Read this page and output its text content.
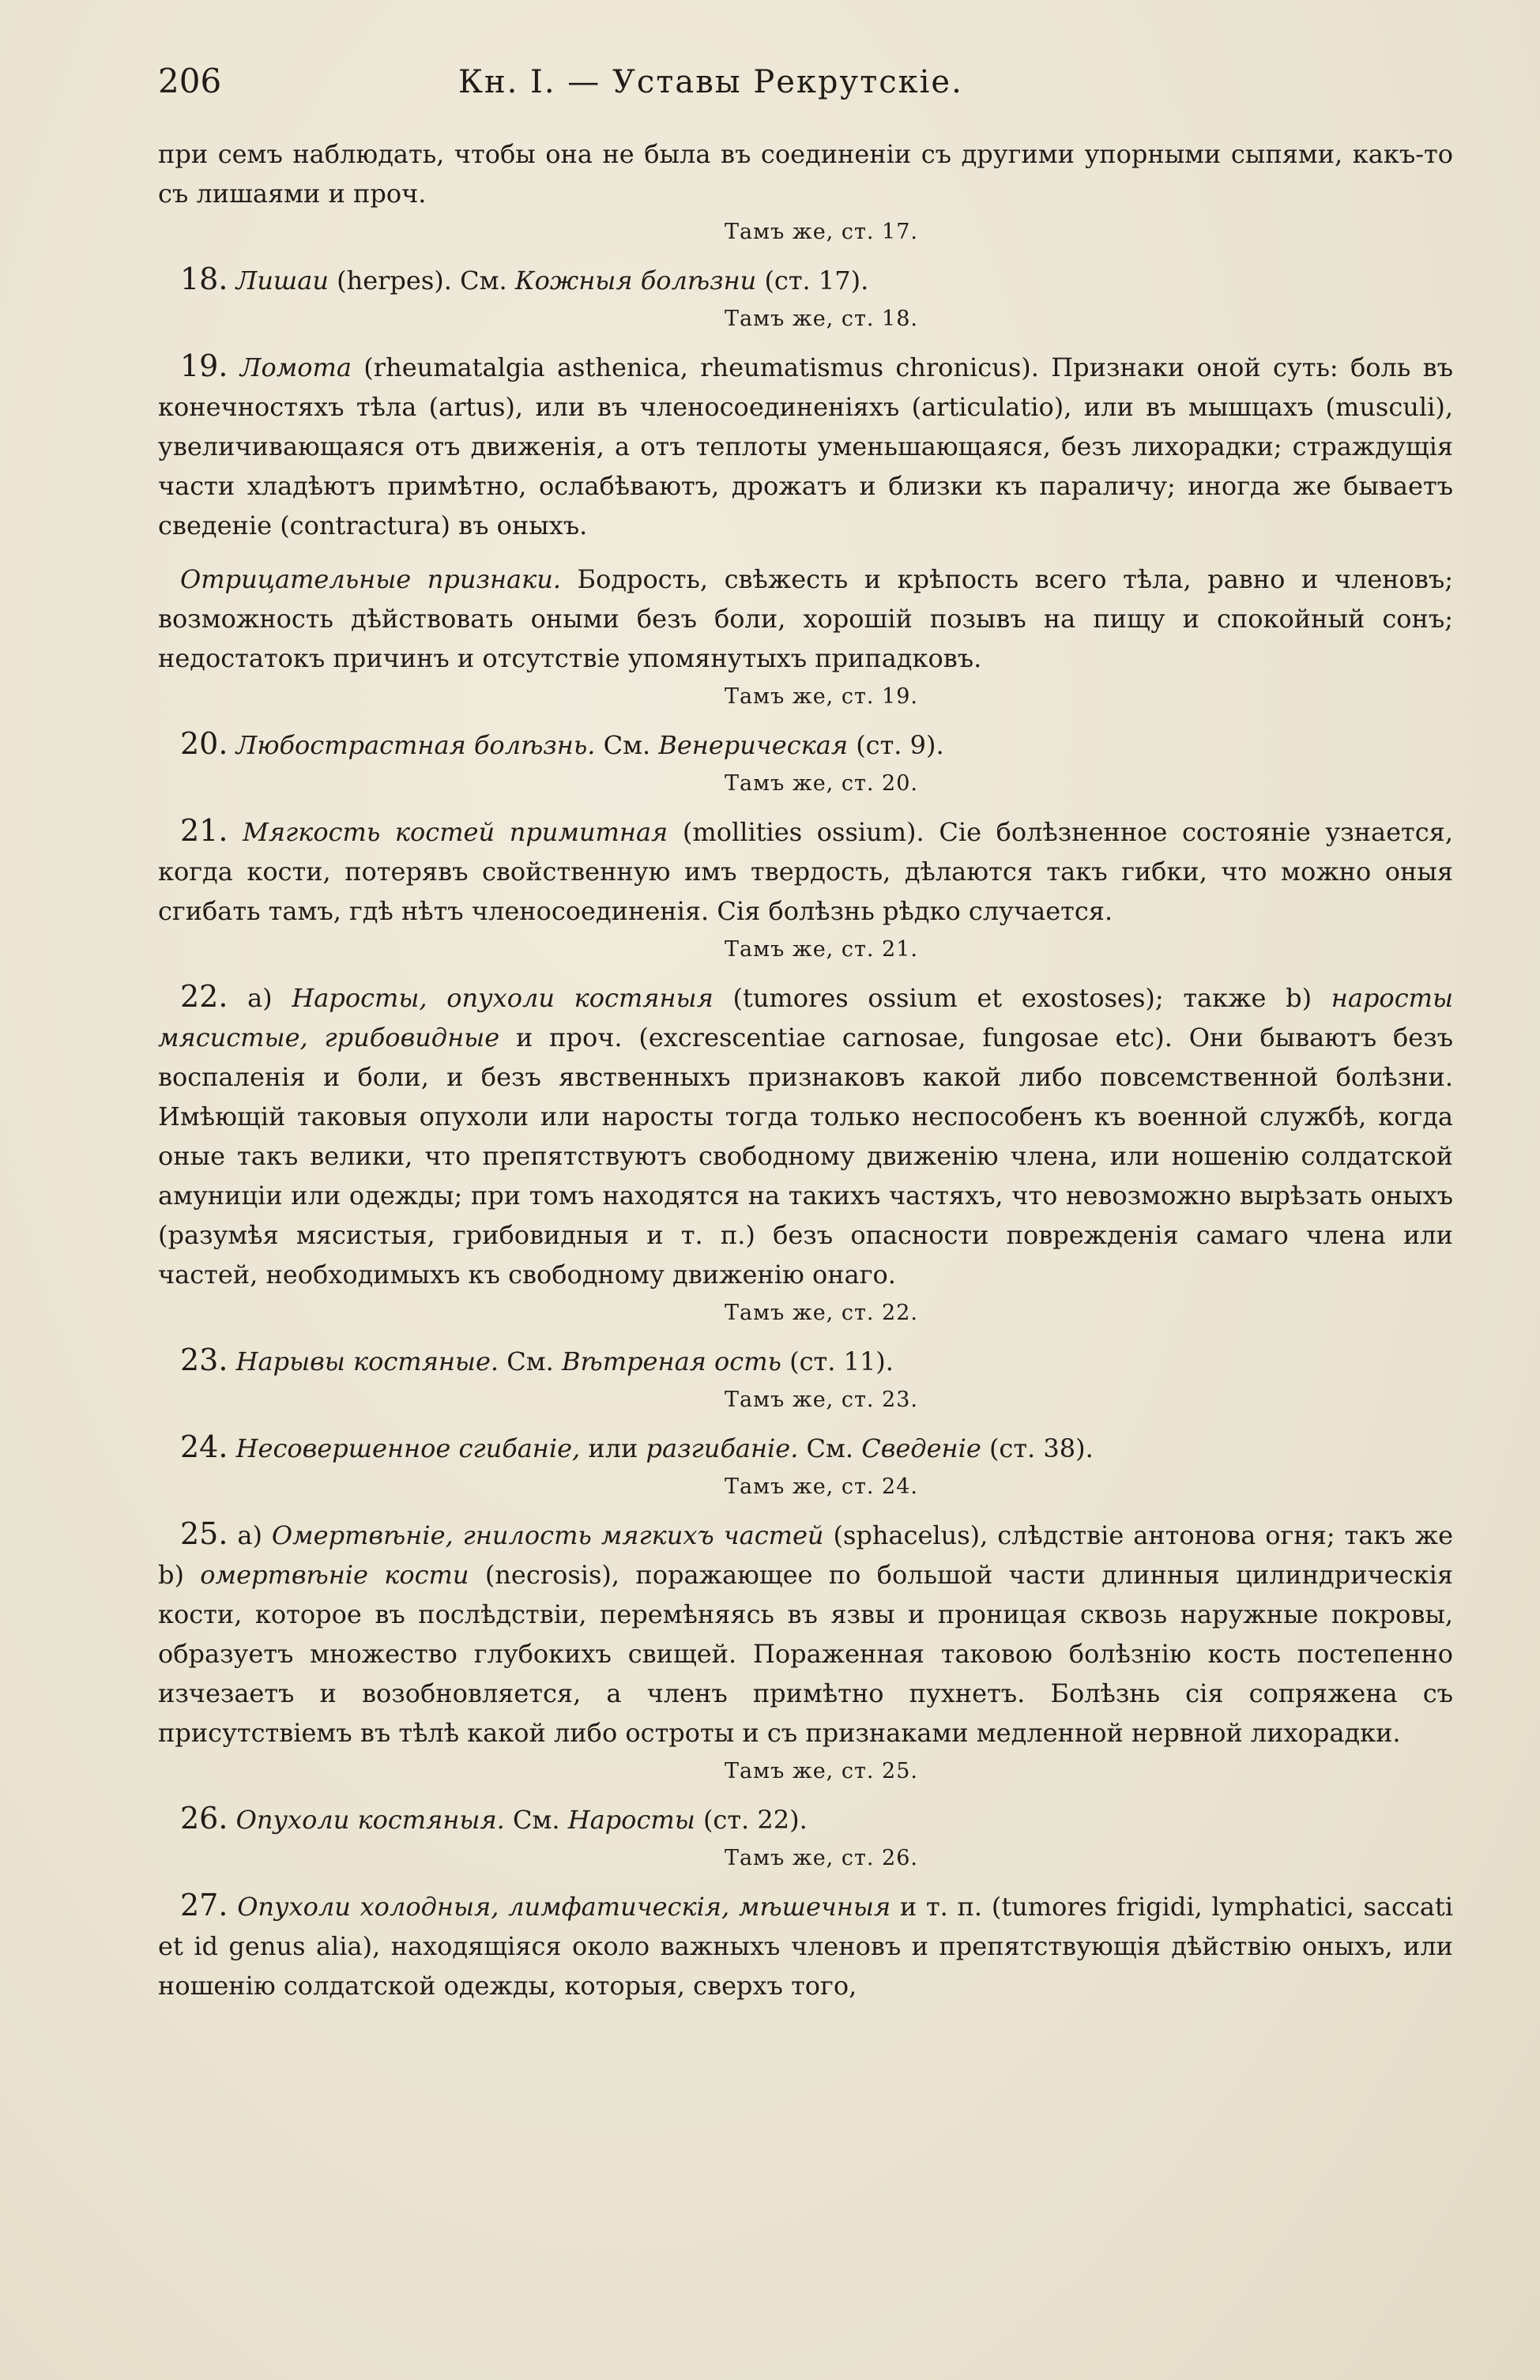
206	Кн. I. — Уставы Рекрутскіе.

при семъ наблюдать, чтобы она не была въ соединеніи съ другими упорными сыпями, какъ-то съ лишаями и проч.

Тамъ же, ст. 17.

18. Лишаи (herpes). См. Кожныя болѣзни (ст. 17).

Тамъ же, ст. 18.

19. Ломота (rheumatalgia asthenica, rheumatismus chronicus). Признаки оной суть: боль въ конечностяхъ тѣла (artus), или въ членосоединеніяхъ (articulatio), или въ мышцахъ (musculi), увеличивающаяся отъ движенія, а отъ теплоты уменьшающаяся, безъ лихорадки; страждущія части хладѣютъ примѣтно, ослабѣваютъ, дрожатъ и близки къ параличу; иногда же бываетъ сведеніе (contractura) въ оныхъ.

Отрицательные признаки. Бодрость, свѣжесть и крѣпость всего тѣла, равно и членовъ; возможность дѣйствовать оными безъ боли, хорошій позывъ на пищу и спокойный сонъ; недостатокъ причинъ и отсутствіе упомянутыхъ припадковъ.

Тамъ же, ст. 19.

20. Любострастная болѣзнь. См. Венерическая (ст. 9).

Тамъ же, ст. 20.

21. Мягкость костей примитная (mollities ossium). Сіе болѣзненное состояніе узнается, когда кости, потерявъ свойственную имъ твердость, дѣлаются такъ гибки, что можно оныя сгибать тамъ, гдѣ нѣтъ членосоединенія. Сія болѣзнь рѣдко случается.

Тамъ же, ст. 21.

22. а) Наросты, опухоли костяныя (tumores ossium et exostoses); также b) наросты мясистые, грибовидные и проч. (excrescentiae carnosae, fungosae etc). Они бываютъ безъ воспаленія и боли, и безъ явственныхъ признаковъ какой либо повсемственной болѣзни. Имѣющій таковыя опухоли или наросты тогда только неспособенъ къ военной службѣ, когда оные такъ велики, что препятствуютъ свободному движенію члена, или ношенію солдатской амуниціи или одежды; при томъ находятся на такихъ частяхъ, что невозможно вырѣзать оныхъ (разумѣя мясистыя, грибовидныя и т. п.) безъ опасности поврежденія самаго члена или частей, необходимыхъ къ свободному движенію онаго.

Тамъ же, ст. 22.

23. Нарывы костяные. См. Вѣтреная ость (ст. 11).

Тамъ же, ст. 23.

24. Несовершенное сгибаніе, или разгибаніе. См. Сведеніе (ст. 38).

Тамъ же, ст. 24.

25. а) Омертвѣніе, гнилость мягкихъ частей (sphacelus), слѣдствіе антонова огня; такъ же b) омертвѣніе кости (necrosis), поражающее по большой части длинныя цилиндрическія кости, которое въ послѣдствіи, перемѣняясь въ язвы и проницая сквозь наружные покровы, образуетъ множество глубокихъ свищей. Пораженная таковою болѣзнію кость постепенно изчезаетъ и возобновляется, а членъ примѣтно пухнетъ. Болѣзнь сія сопряжена съ присутствіемъ въ тѣлѣ какой либо остроты и съ признаками медленной нервной лихорадки.

Тамъ же, ст. 25.

26. Опухоли костяныя. См. Наросты (ст. 22).

Тамъ же, ст. 26.

27. Опухоли холодныя, лимфатическія, мѣшечныя и т. п. (tumores frigidi, lymphatici, saccati et id genus alia), находящіяся около важныхъ членовъ и препятствующія дѣйствію оныхъ, или ношенію солдатской одежды, которыя, сверхъ того,
